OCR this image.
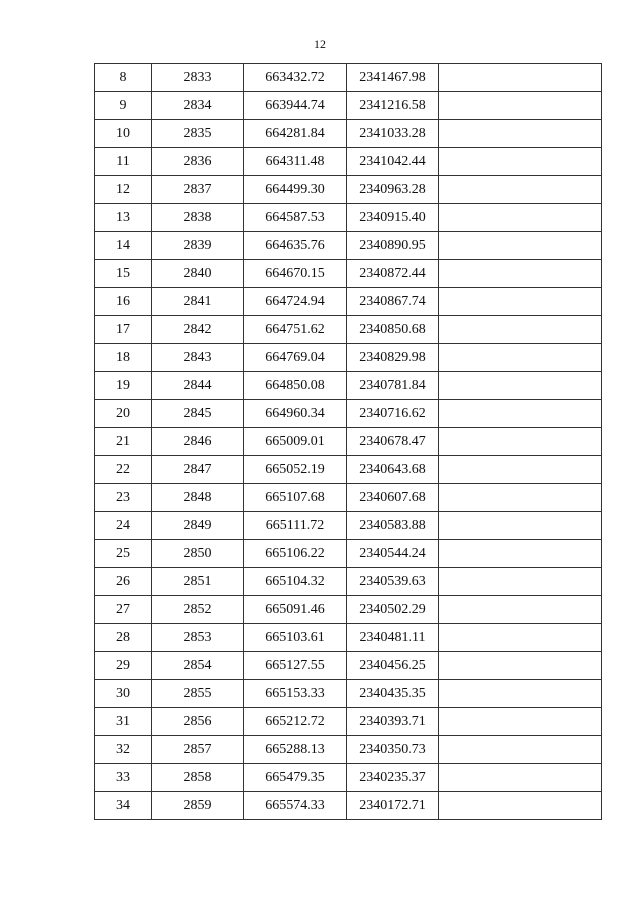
12
8	2833	663432.72	2341467.98	
9	2834	663944.74	2341216.58	
10	2835	664281.84	2341033.28	
11	2836	664311.48	2341042.44	
12	2837	664499.30	2340963.28	
13	2838	664587.53	2340915.40	
14	2839	664635.76	2340890.95	
15	2840	664670.15	2340872.44	
16	2841	664724.94	2340867.74	
17	2842	664751.62	2340850.68	
18	2843	664769.04	2340829.98	
19	2844	664850.08	2340781.84	
20	2845	664960.34	2340716.62	
21	2846	665009.01	2340678.47	
22	2847	665052.19	2340643.68	
23	2848	665107.68	2340607.68	
24	2849	665111.72	2340583.88	
25	2850	665106.22	2340544.24	
26	2851	665104.32	2340539.63	
27	2852	665091.46	2340502.29	
28	2853	665103.61	2340481.11	
29	2854	665127.55	2340456.25	
30	2855	665153.33	2340435.35	
31	2856	665212.72	2340393.71	
32	2857	665288.13	2340350.73	
33	2858	665479.35	2340235.37	
34	2859	665574.33	2340172.71	
